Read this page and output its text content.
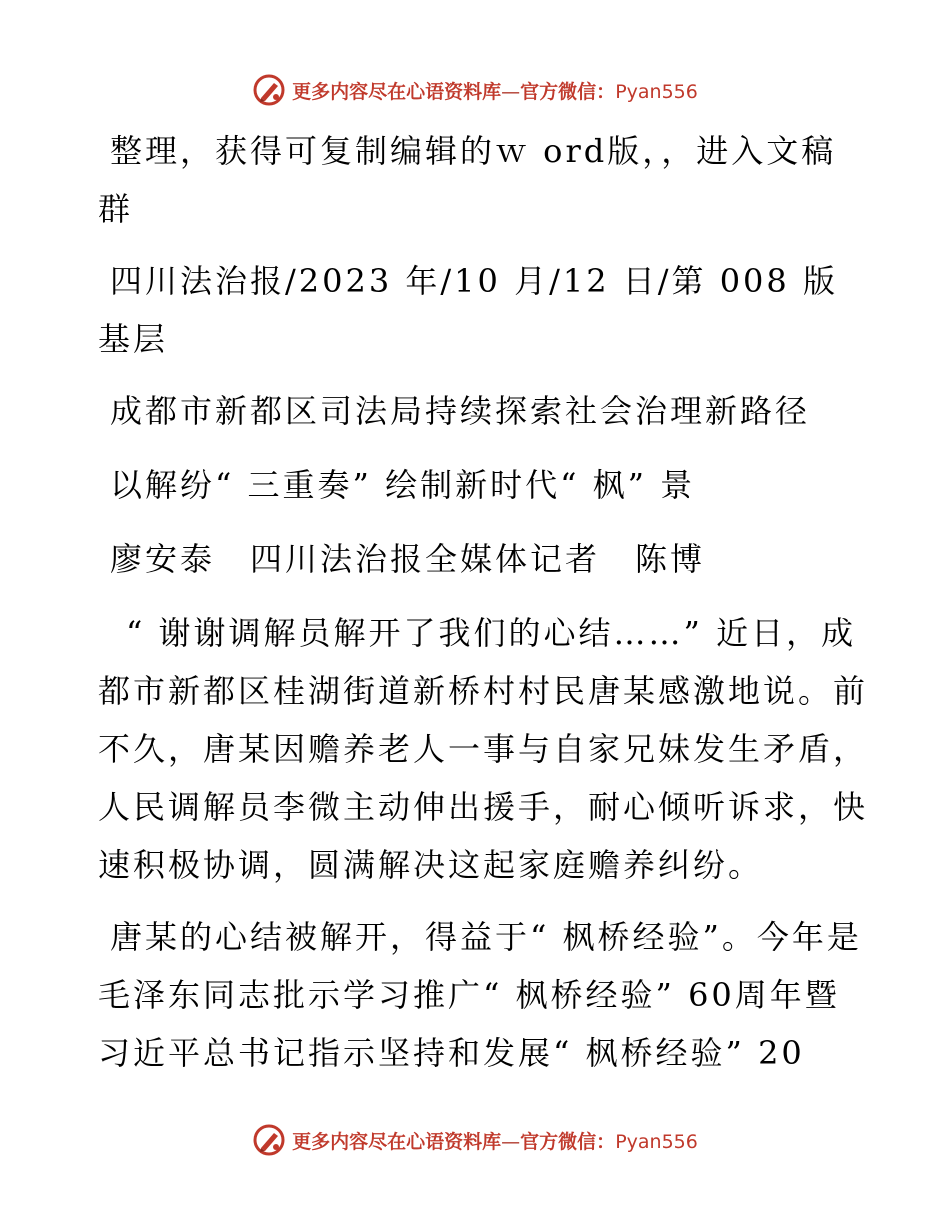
更多内容尽在心语资料库—官方微信：Pyan556

整理，获得可复制编辑的ｗ ord版，，进入文稿群

四川法治报/2023 年/10 月/12 日/第 008 版基层

成都市新都区司法局持续探索社会治理新路径

以解纷“ 三重奏” 绘制新时代“ 枫” 景

廖安泰　四川法治报全媒体记者　陈博

“ 谢谢调解员解开了我们的心结……” 近日，成都市新都区桂湖街道新桥村村民唐某感激地说。前不久，唐某因赡养老人一事与自家兄妹发生矛盾，人民调解员李微主动伸出援手，耐心倾听诉求，快速积极协调，圆满解决这起家庭赡养纠纷。

唐某的心结被解开，得益于“ 枫桥经验”。今年是毛泽东同志批示学习推广“ 枫桥经验” 60周年暨习近平总书记指示坚持和发展“ 枫桥经验” 20

更多内容尽在心语资料库—官方微信：Pyan556
